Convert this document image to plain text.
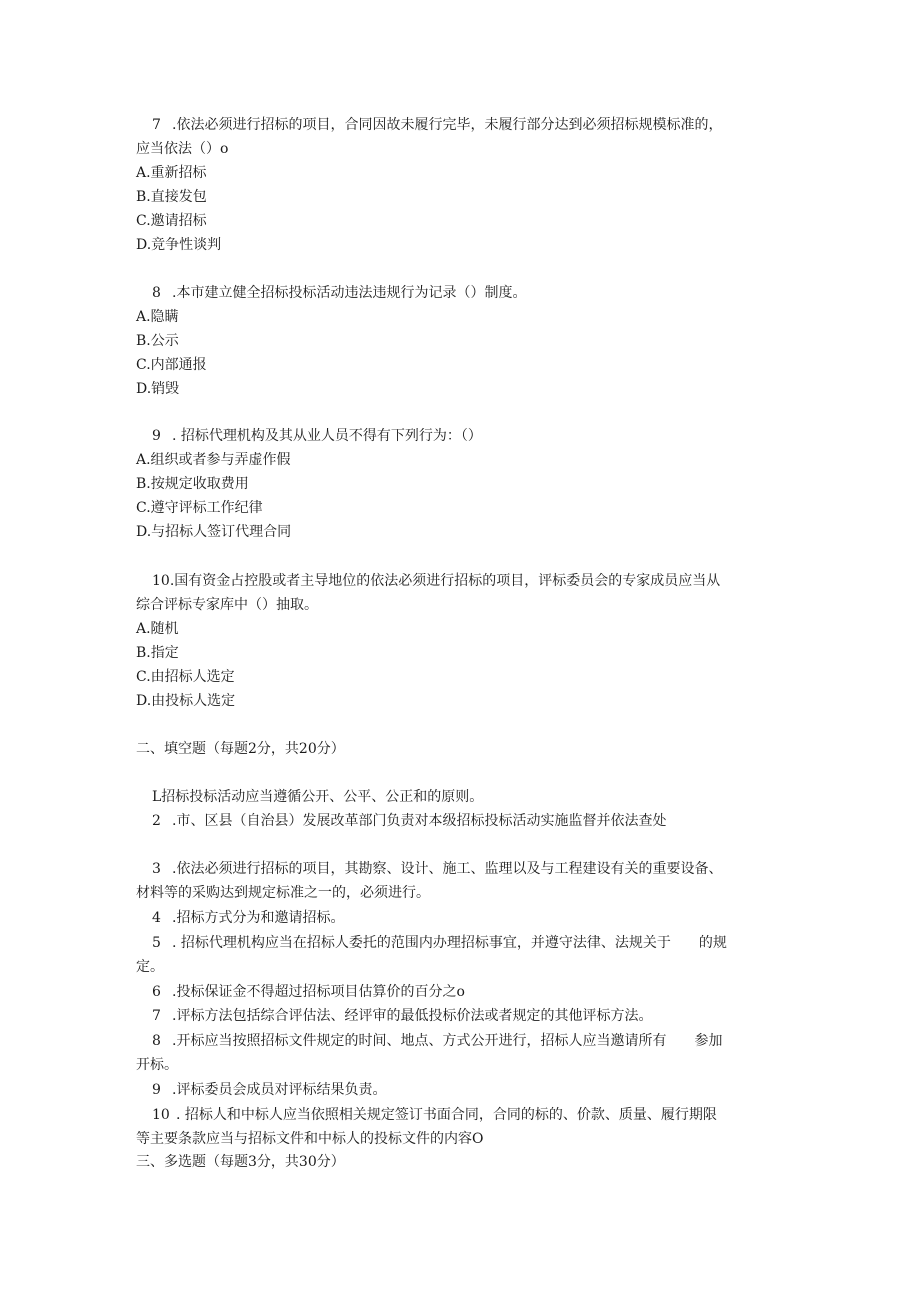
7 .依法必须进行招标的项目，合同因故未履行完毕，未履行部分达到必须招标规模标准的，
应当依法（）o
A.重新招标
B.直接发包
C.邀请招标
D.竞争性谈判
8 .本市建立健全招标投标活动违法违规行为记录（）制度。
A.隐瞒
B.公示
C.内部通报
D.销毁
9 . 招标代理机构及其从业人员不得有下列行为：（）
A.组织或者参与弄虚作假
B.按规定收取费用
C.遵守评标工作纪律
D.与招标人签订代理合同
10.国有资金占控股或者主导地位的依法必须进行招标的项目，评标委员会的专家成员应当从
综合评标专家库中（）抽取。
A.随机
B.指定
C.由招标人选定
D.由投标人选定
二、填空题（每题2分，共20分）
L招标投标活动应当遵循公开、公平、公正和的原则。
2 .市、区县（自治县）发展改革部门负责对本级招标投标活动实施监督并依法查处
3 .依法必须进行招标的项目，其勘察、设计、施工、监理以及与工程建设有关的重要设备、
材料等的采购达到规定标准之一的，必须进行。
4 .招标方式分为和邀请招标。
5 . 招标代理机构应当在招标人委托的范围内办理招标事宜，并遵守法律、法规关于　　的规
定。
6 .投标保证金不得超过招标项目估算价的百分之o
7 .评标方法包括综合评估法、经评审的最低投标价法或者规定的其他评标方法。
8 .开标应当按照招标文件规定的时间、地点、方式公开进行，招标人应当邀请所有　　参加
开标。
9 .评标委员会成员对评标结果负责。
10 . 招标人和中标人应当依照相关规定签订书面合同，合同的标的、价款、质量、履行期限
等主要条款应当与招标文件和中标人的投标文件的内容O
三、多选题（每题3分，共30分）
